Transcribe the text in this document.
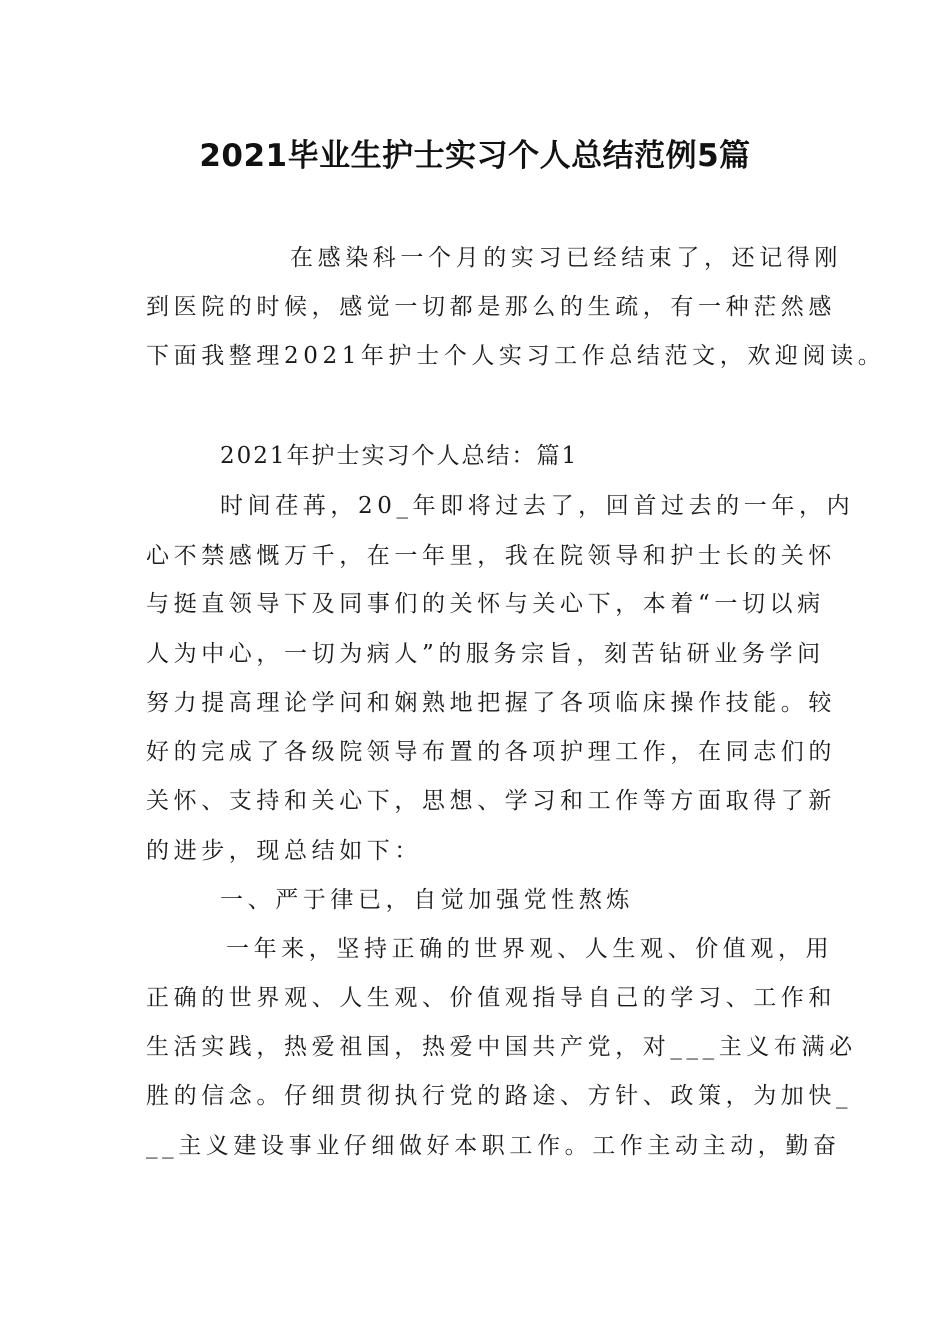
2021毕业生护士实习个人总结范例5篇

在感染科一个月的实习已经结束了，还记得刚

到医院的时候，感觉一切都是那么的生疏，有一种茫然感

下面我整理2021年护士个人实习工作总结范文，欢迎阅读。

2021年护士实习个人总结：篇1

时间荏苒，20_年即将过去了，回首过去的一年，内

心不禁感慨万千，在一年里，我在院领导和护士长的关怀

与挺直领导下及同事们的关怀与关心下，本着“一切以病

人为中心，一切为病人”的服务宗旨，刻苦钻研业务学问

努力提高理论学问和娴熟地把握了各项临床操作技能。较

好的完成了各级院领导布置的各项护理工作，在同志们的

关怀、支持和关心下，思想、学习和工作等方面取得了新

的进步，现总结如下：

一、严于律已，自觉加强党性熬炼

一年来，坚持正确的世界观、人生观、价值观，用

正确的世界观、人生观、价值观指导自己的学习、工作和

生活实践，热爱祖国，热爱中国共产党，对___主义布满必

胜的信念。仔细贯彻执行党的路途、方针、政策，为加快_

__主义建设事业仔细做好本职工作。工作主动主动，勤奋
